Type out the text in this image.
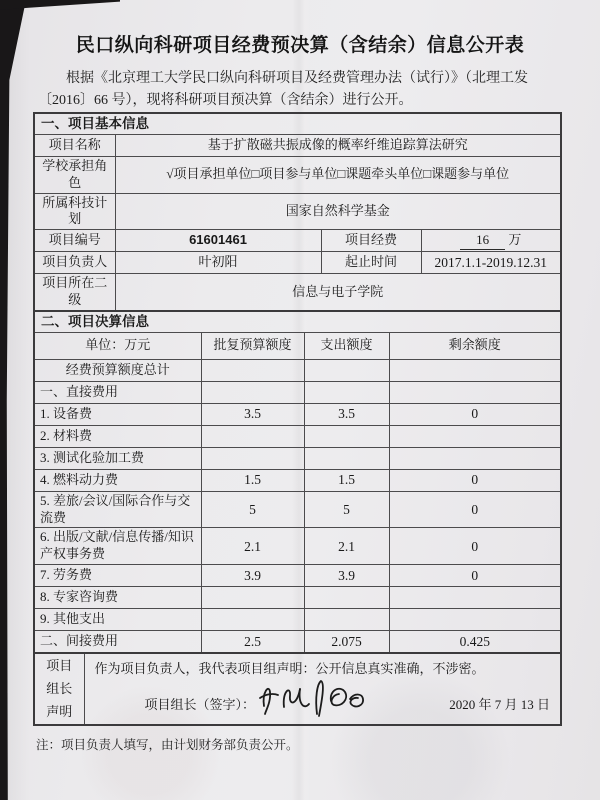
民口纵向科研项目经费预决算（含结余）信息公开表
根据《北京理工大学民口纵向科研项目及经费管理办法（试行）》（北理工发
〔2016〕66 号），现将科研项目预决算（含结余）进行公开。
一、项目基本信息			
项目名称	基于扩散磁共振成像的概率纤维追踪算法研究		
学校承担角色	√项目承担单位□项目参与单位□课题牵头单位□课题参与单位		
所属科技计划	国家自然科学基金		
项目编号	61601461	项目经费	16 万
项目负责人	叶初阳	起止时间	2017.1.1-2019.12.31
项目所在二级	信息与电子学院		
二、项目决算信息			
单位：万元	批复预算额度	支出额度	剩余额度
经费预算额度总计			
一、直接费用			
1. 设备费	3.5	3.5	0
2. 材料费			
3. 测试化验加工费			
4. 燃料动力费	1.5	1.5	0
5. 差旅/会议/国际合作与交流费	5	5	0
6. 出版/文献/信息传播/知识产权事务费	2.1	2.1	0
7. 劳务费	3.9	3.9	0
8. 专家咨询费			
9. 其他支出			
二、间接费用	2.5	2.075	0.425
项目
组长
声明	
作为项目负责人，我代表项目组声明：公开信息真实准确，不涉密。
项目组长（签字）：	2020 年 7 月 13 日
注：项目负责人填写，由计划财务部负责公开。
